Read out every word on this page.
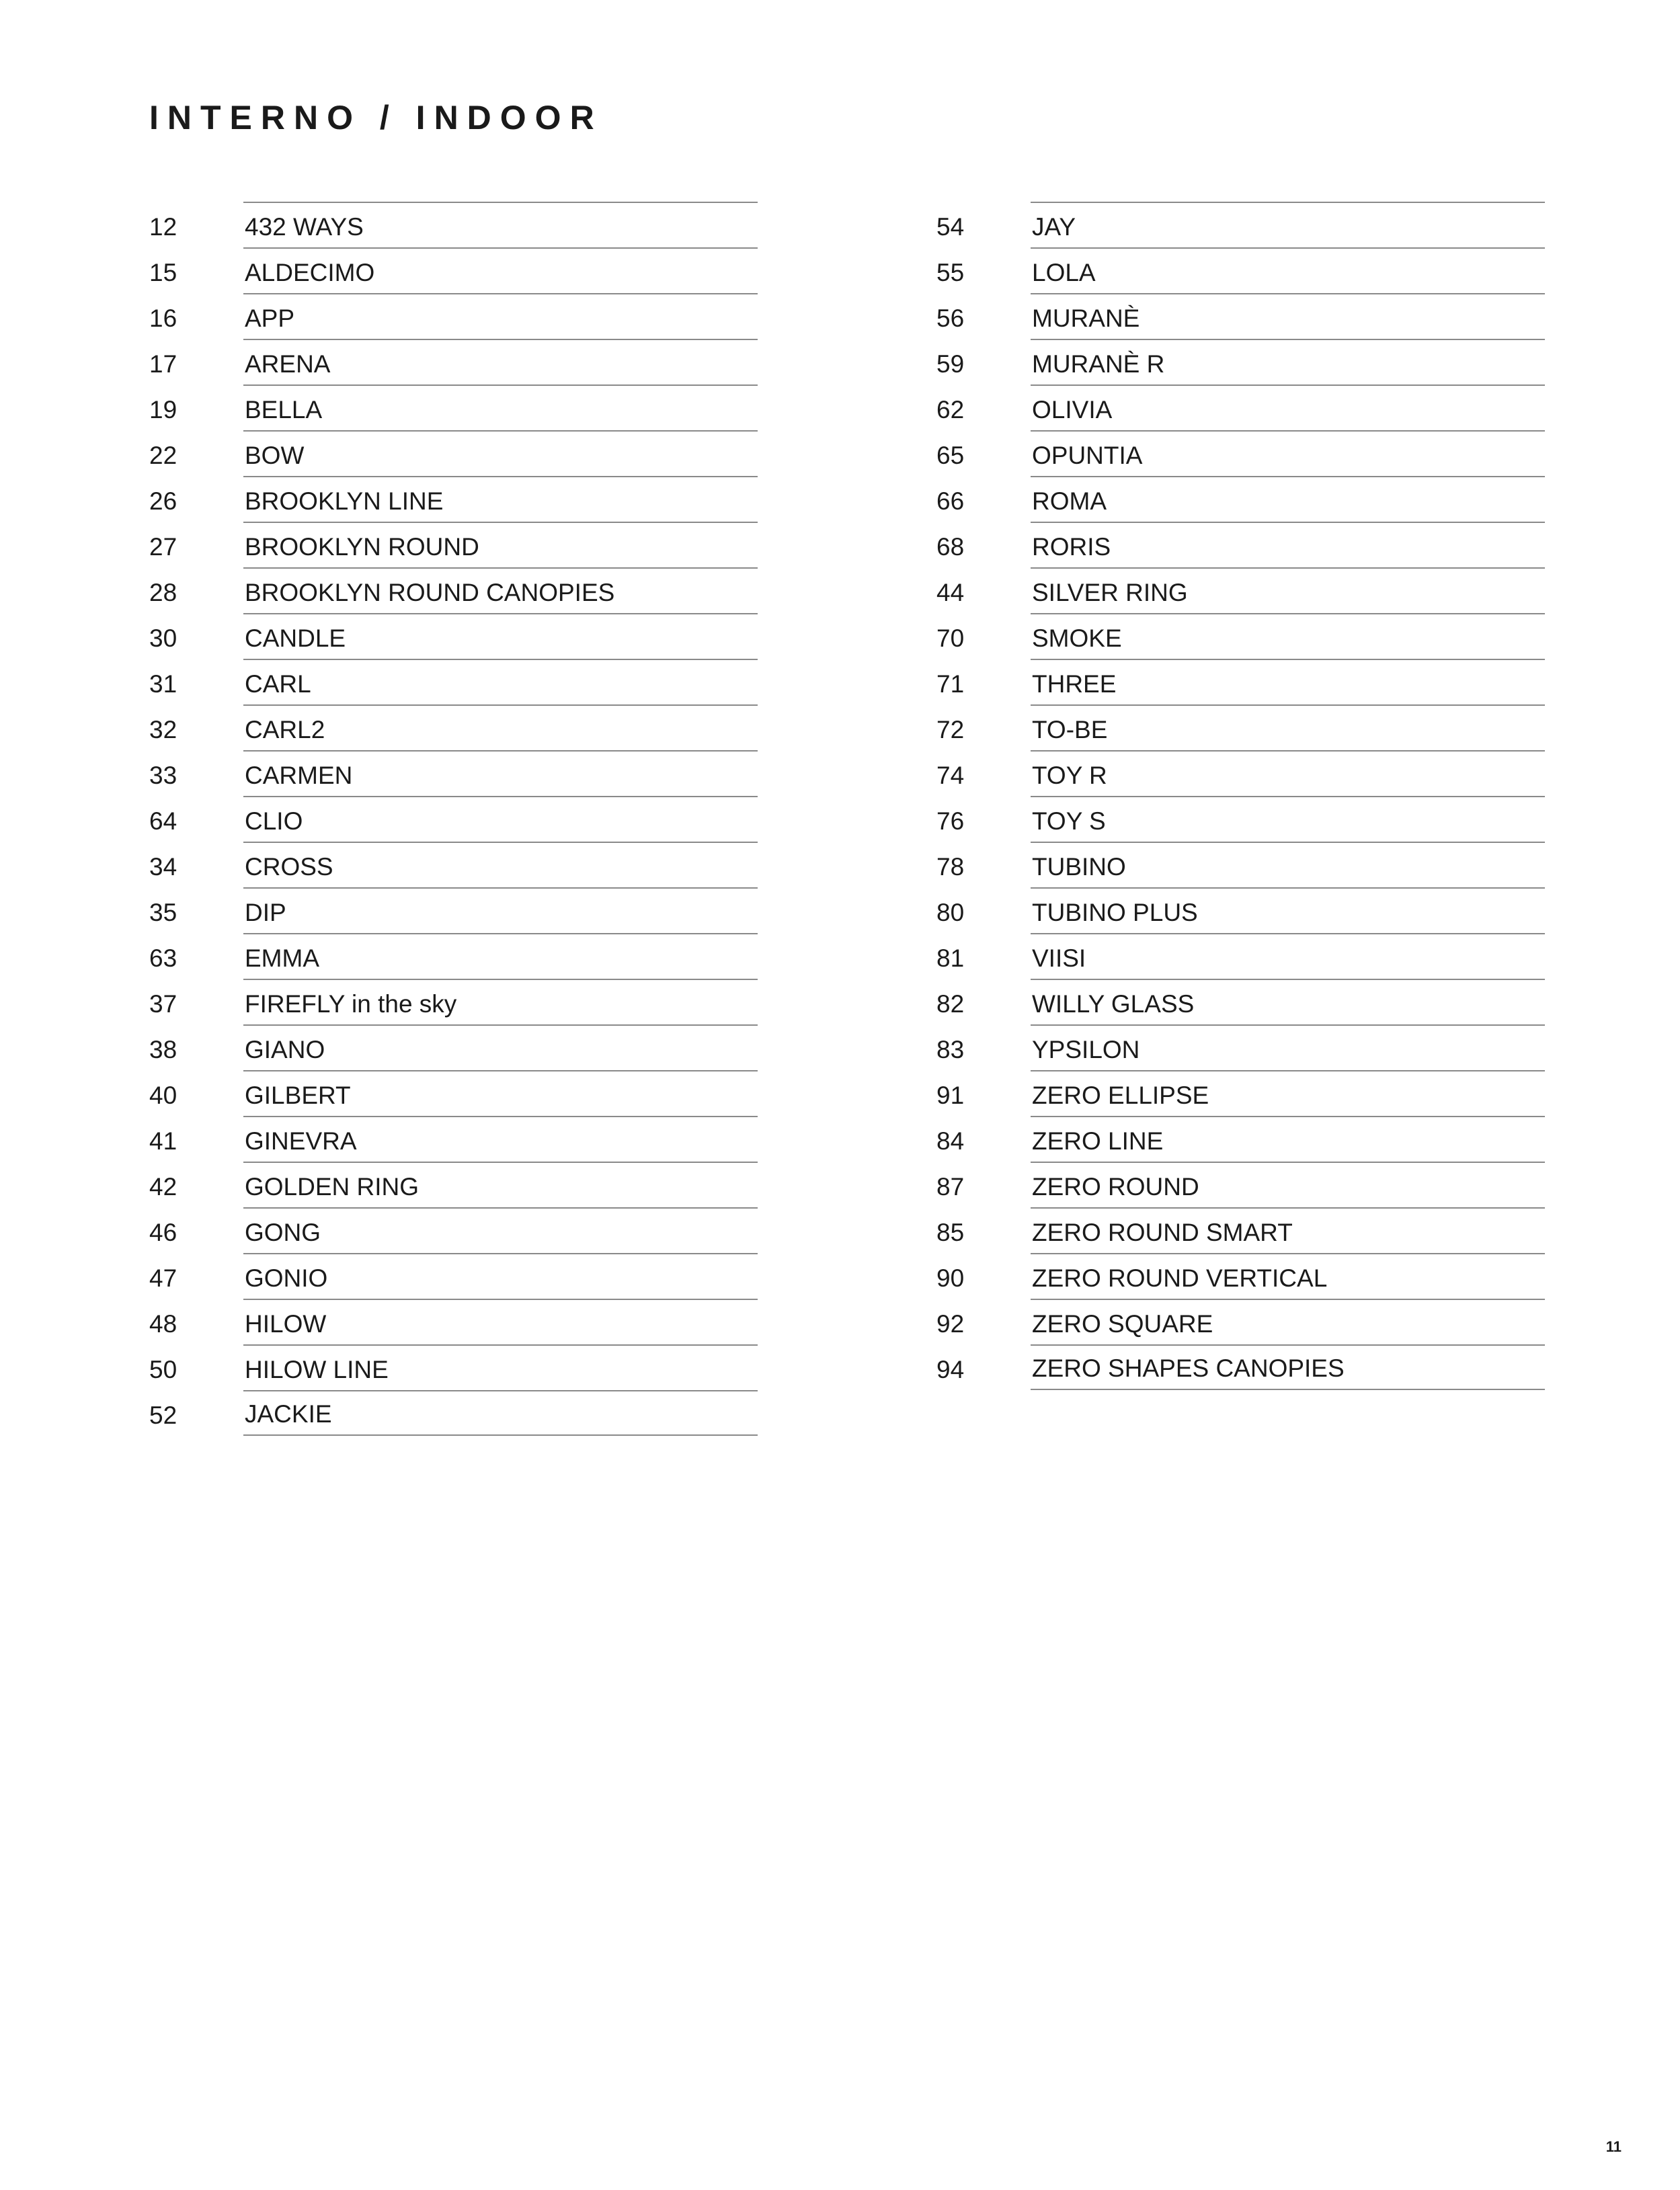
INTERNO / INDOOR
12	432 WAYS
15	ALDECIMO
16	APP
17	ARENA
19	BELLA
22	BOW
26	BROOKLYN LINE
27	BROOKLYN ROUND
28	BROOKLYN ROUND CANOPIES
30	CANDLE
31	CARL
32	CARL2
33	CARMEN
64	CLIO
34	CROSS
35	DIP
63	EMMA
37	FIREFLY in the sky
38	GIANO
40	GILBERT
41	GINEVRA
42	GOLDEN RING
46	GONG
47	GONIO
48	HILOW
50	HILOW LINE
52	JACKIE
54	JAY
55	LOLA
56	MURANÈ
59	MURANÈ R
62	OLIVIA
65	OPUNTIA
66	ROMA
68	RORIS
44	SILVER RING
70	SMOKE
71	THREE
72	TO-BE
74	TOY R
76	TOY S
78	TUBINO
80	TUBINO PLUS
81	VIISI
82	WILLY GLASS
83	YPSILON
91	ZERO ELLIPSE
84	ZERO LINE
87	ZERO ROUND
85	ZERO ROUND SMART
90	ZERO ROUND VERTICAL
92	ZERO SQUARE
94	ZERO SHAPES CANOPIES
11
